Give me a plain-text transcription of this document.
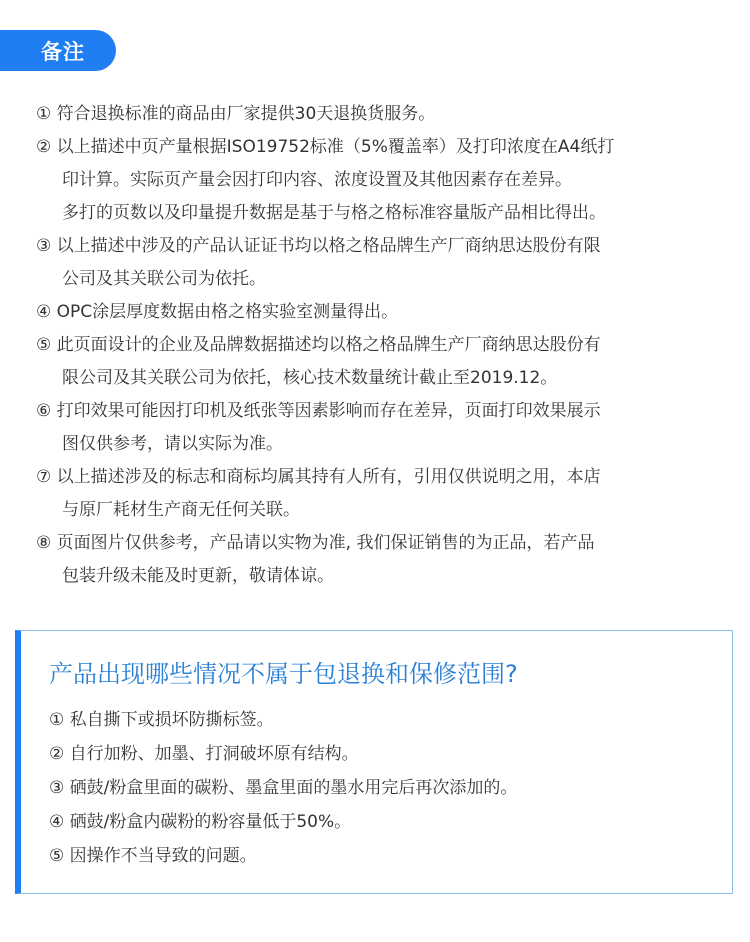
备注
① 符合退换标准的商品由厂家提供30天退换货服务。
② 以上描述中页产量根据ISO19752标准（5%覆盖率）及打印浓度在A4纸打
印计算。实际页产量会因打印内容、浓度设置及其他因素存在差异。
多打的页数以及印量提升数据是基于与格之格标准容量版产品相比得出。
③ 以上描述中涉及的产品认证证书均以格之格品牌生产厂商纳思达股份有限
公司及其关联公司为依托。
④ OPC涂层厚度数据由格之格实验室测量得出。
⑤ 此页面设计的企业及品牌数据描述均以格之格品牌生产厂商纳思达股份有
限公司及其关联公司为依托，核心技术数量统计截止至2019.12。
⑥ 打印效果可能因打印机及纸张等因素影响而存在差异，页面打印效果展示
图仅供参考，请以实际为准。
⑦ 以上描述涉及的标志和商标均属其持有人所有，引用仅供说明之用，本店
与原厂耗材生产商无任何关联。
⑧ 页面图片仅供参考，产品请以实物为准, 我们保证销售的为正品，若产品
包装升级未能及时更新，敬请体谅。
产品出现哪些情况不属于包退换和保修范围?
① 私自撕下或损坏防撕标签。
② 自行加粉、加墨、打洞破坏原有结构。
③ 硒鼓/粉盒里面的碳粉、墨盒里面的墨水用完后再次添加的。
④ 硒鼓/粉盒内碳粉的粉容量低于50%。
⑤ 因操作不当导致的问题。
